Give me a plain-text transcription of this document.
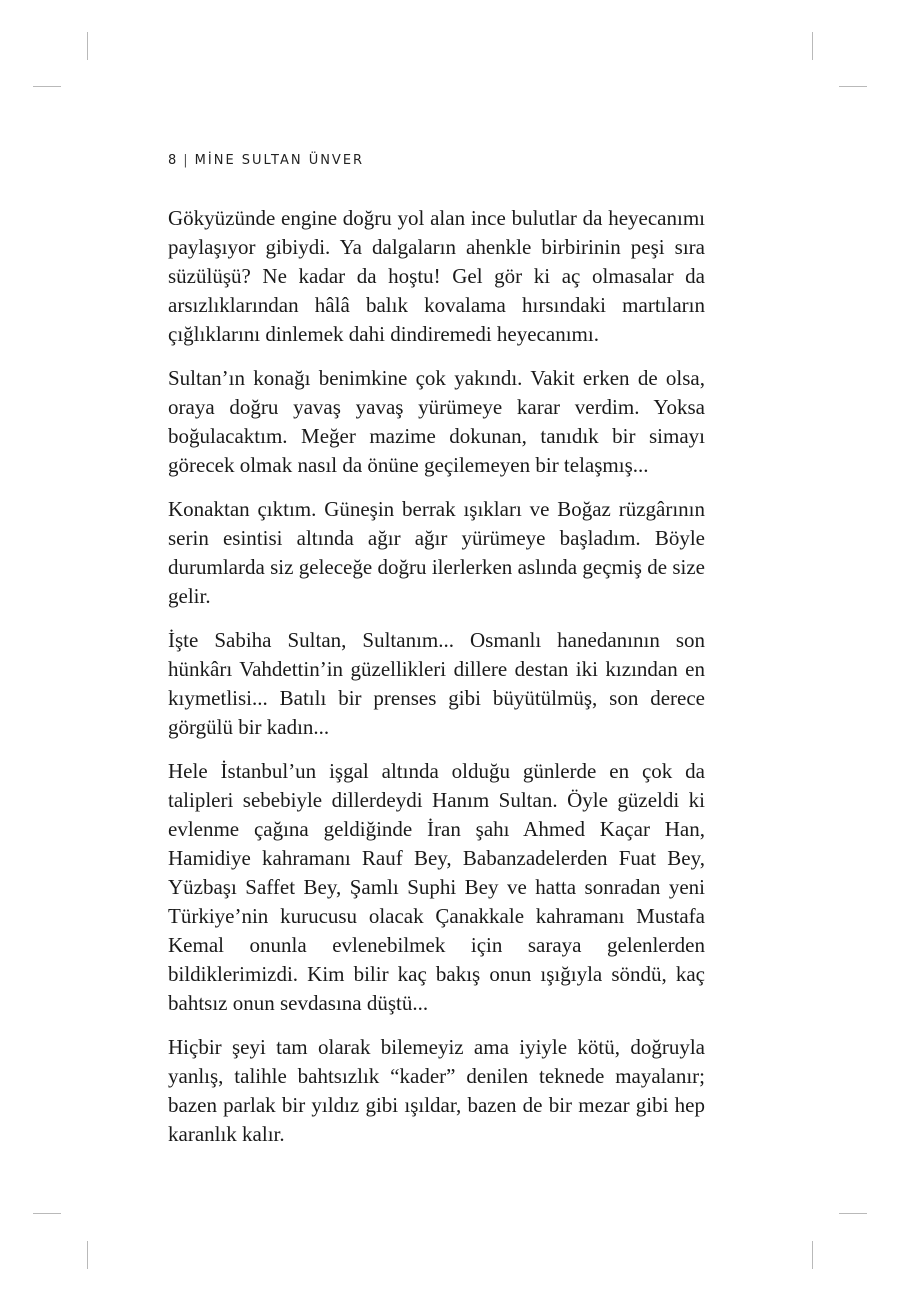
8 | MİNE SULTAN ÜNVER

Gökyüzünde engine doğru yol alan ince bulutlar da heyecanımı paylaşıyor gibiydi. Ya dalgaların ahenkle birbirinin peşi sıra süzülüşü? Ne kadar da hoştu! Gel gör ki aç olmasalar da arsızlıklarından hâlâ balık kovalama hırsındaki martıların çığlıklarını dinlemek dahi dindiremedi heyecanımı.

Sultan’ın konağı benimkine çok yakındı. Vakit erken de olsa, oraya doğru yavaş yavaş yürümeye karar verdim. Yoksa boğulacaktım. Meğer mazime dokunan, tanıdık bir simayı görecek olmak nasıl da önüne geçilemeyen bir telaşmış...

Konaktan çıktım. Güneşin berrak ışıkları ve Boğaz rüzgârının serin esintisi altında ağır ağır yürümeye başladım. Böyle durumlarda siz geleceğe doğru ilerlerken aslında geçmiş de size gelir.

İşte Sabiha Sultan, Sultanım... Osmanlı hanedanının son hünkârı Vahdettin’in güzellikleri dillere destan iki kızından en kıymetlisi... Batılı bir prenses gibi büyütülmüş, son derece görgülü bir kadın...

Hele İstanbul’un işgal altında olduğu günlerde en çok da talipleri sebebiyle dillerdeydi Hanım Sultan. Öyle güzeldi ki evlenme çağına geldiğinde İran şahı Ahmed Kaçar Han, Hamidiye kahramanı Rauf Bey, Babanzadelerden Fuat Bey, Yüzbaşı Saffet Bey, Şamlı Suphi Bey ve hatta sonradan yeni Türkiye’nin kurucusu olacak Çanakkale kahramanı Mustafa Kemal onunla evlenebilmek için saraya gelenlerden bildiklerimizdi. Kim bilir kaç bakış onun ışığıyla söndü, kaç bahtsız onun sevdasına düştü...

Hiçbir şeyi tam olarak bilemeyiz ama iyiyle kötü, doğruyla yanlış, talihle bahtsızlık “kader” denilen teknede mayalanır; bazen parlak bir yıldız gibi ışıldar, bazen de bir mezar gibi hep karanlık kalır.
